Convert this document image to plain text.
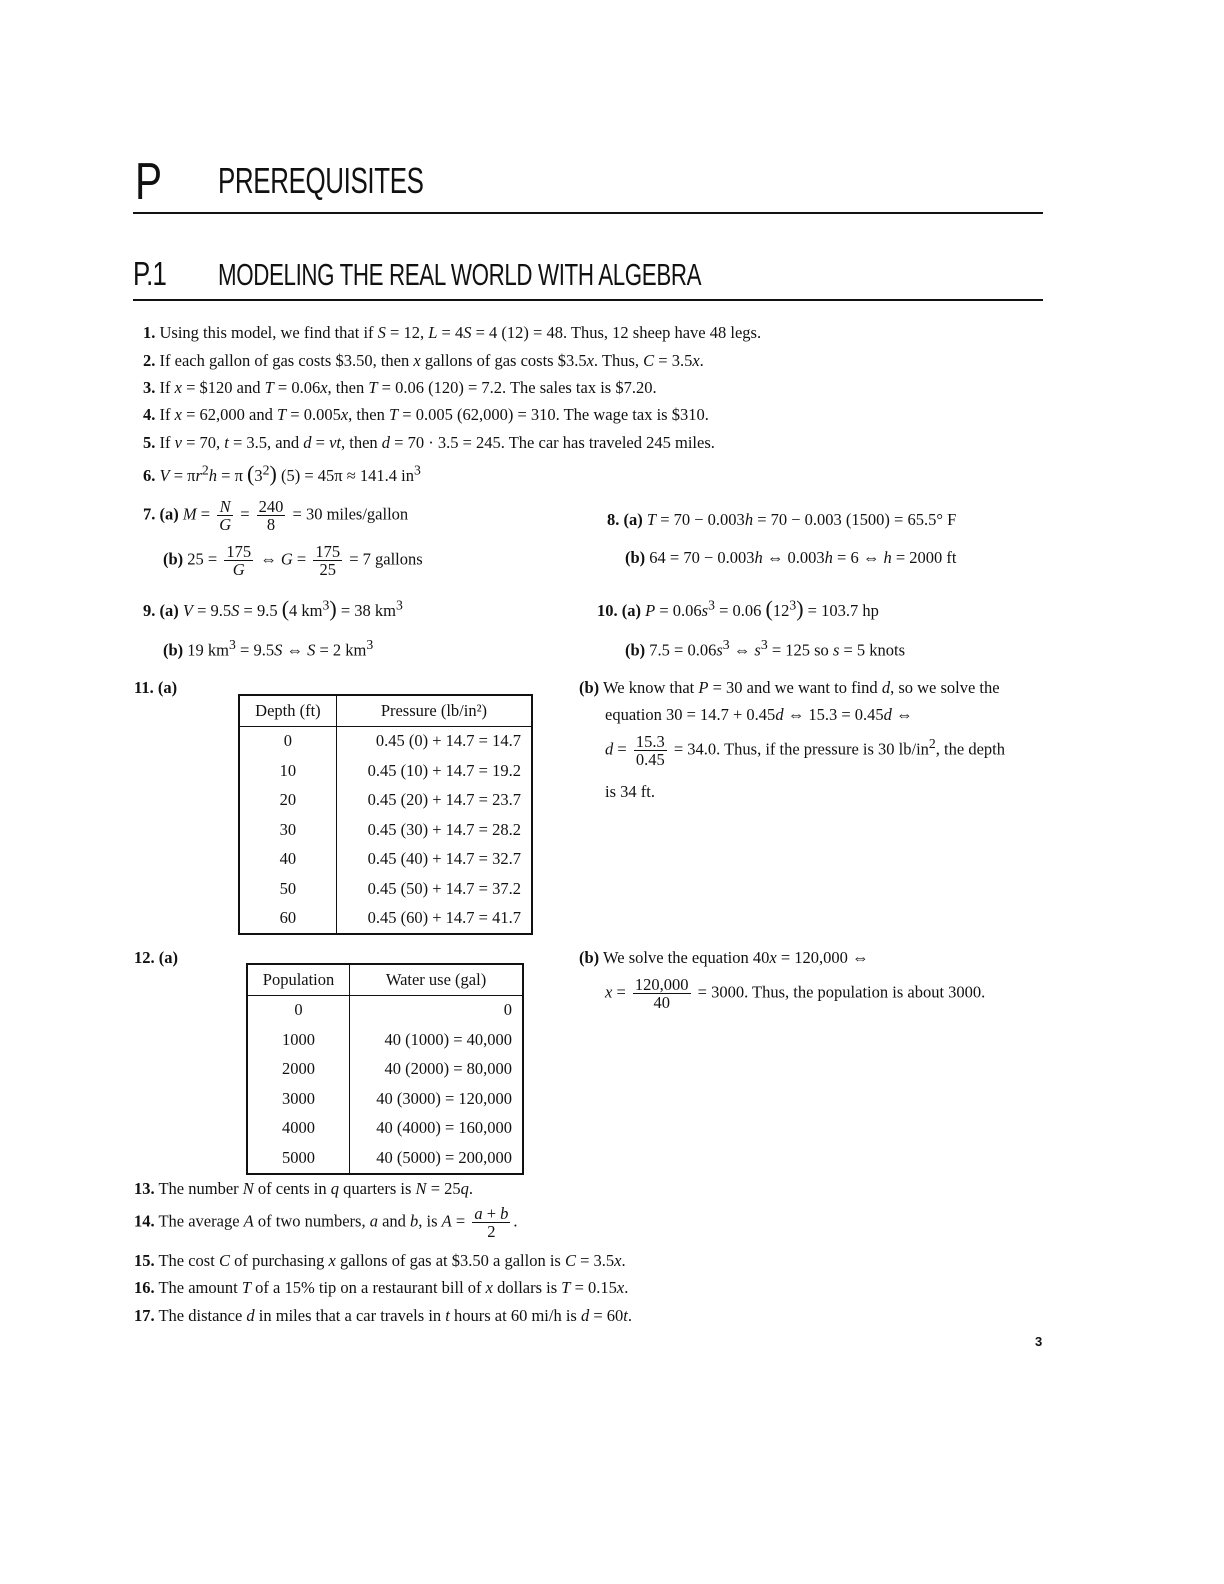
P PREREQUISITES
P.1 MODELING THE REAL WORLD WITH ALGEBRA
1. Using this model, we find that if S = 12, L = 4S = 4 (12) = 48. Thus, 12 sheep have 48 legs.
2. If each gallon of gas costs $3.50, then x gallons of gas costs $3.5x. Thus, C = 3.5x.
3. If x = $120 and T = 0.06x, then T = 0.06 (120) = 7.2. The sales tax is $7.20.
4. If x = 62,000 and T = 0.005x, then T = 0.005 (62,000) = 310. The wage tax is $310.
5. If v = 70, t = 3.5, and d = vt, then d = 70 · 3.5 = 245. The car has traveled 245 miles.
6. $V = \pi r^2h = \pi$ $(3^2) (5) = 45\pi \approx 141.4$ $in^3$
7. (a) $M = \frac{N}{G} = \frac{240}{8} = 30$ miles/gallon
(b) $25 = \frac{175}{G}$ ⇔ $G = \frac{175}{25} = 7$ gallons
8. (a) T = 70 − 0.003h = 70 − 0.003 (1500) = 65.5° F
(b) 64 = 70 − 0.003h ⇔ 0.003h = 6 ⇔ h = 2000 ft
9. (a) V = 9.5S = 9.5 (4 $km^3) = 38$ $km^3$
(b) 19 $km^3 = 9.5S$ ⇔ S = 2 $km^3$
10. (a) $P = 0.06s^3 = 0.06$ $(12^3) = 103.7$ hp
(b) $7.5 = 0.06s^3$ ⇔ $s^3 = 125$ so s = 5 knots
11. (a)
Depth (ft)	Pressure (lb/in²)
0	0.45 (0) + 14.7 = 14.7
10	0.45 (10) + 14.7 = 19.2
20	0.45 (20) + 14.7 = 23.7
30	0.45 (30) + 14.7 = 28.2
40	0.45 (40) + 14.7 = 32.7
50	0.45 (50) + 14.7 = 37.2
60	0.45 (60) + 14.7 = 41.7
(b) We know that P = 30 and we want to find d, so we solve the
equation 30 = 14.7 + 0.45d ⇔ 15.3 = 0.45d ⇔
$d = \frac{15.3}{0.45} = 34.0$. Thus, if the pressure is 30 $lb/in^2$, the depth
is 34 ft.
12. (a)
Population	Water use (gal)
0	0
1000	40 (1000) = 40,000
2000	40 (2000) = 80,000
3000	40 (3000) = 120,000
4000	40 (4000) = 160,000
5000	40 (5000) = 200,000
(b) We solve the equation 40x = 120,000 ⇔
$x = \frac{120,000}{40} = 3000$. Thus, the population is about 3000.
13. The number N of cents in q quarters is N = 25q.
14. The average A of two numbers, a and b, is $A = \frac{a + b}{2}$ .
15. The cost C of purchasing x gallons of gas at $3.50 a gallon is C = 3.5x.
16. The amount T of a 15% tip on a restaurant bill of x dollars is T = 0.15x.
17. The distance d in miles that a car travels in t hours at 60 mi/h is d = 60t.
3
